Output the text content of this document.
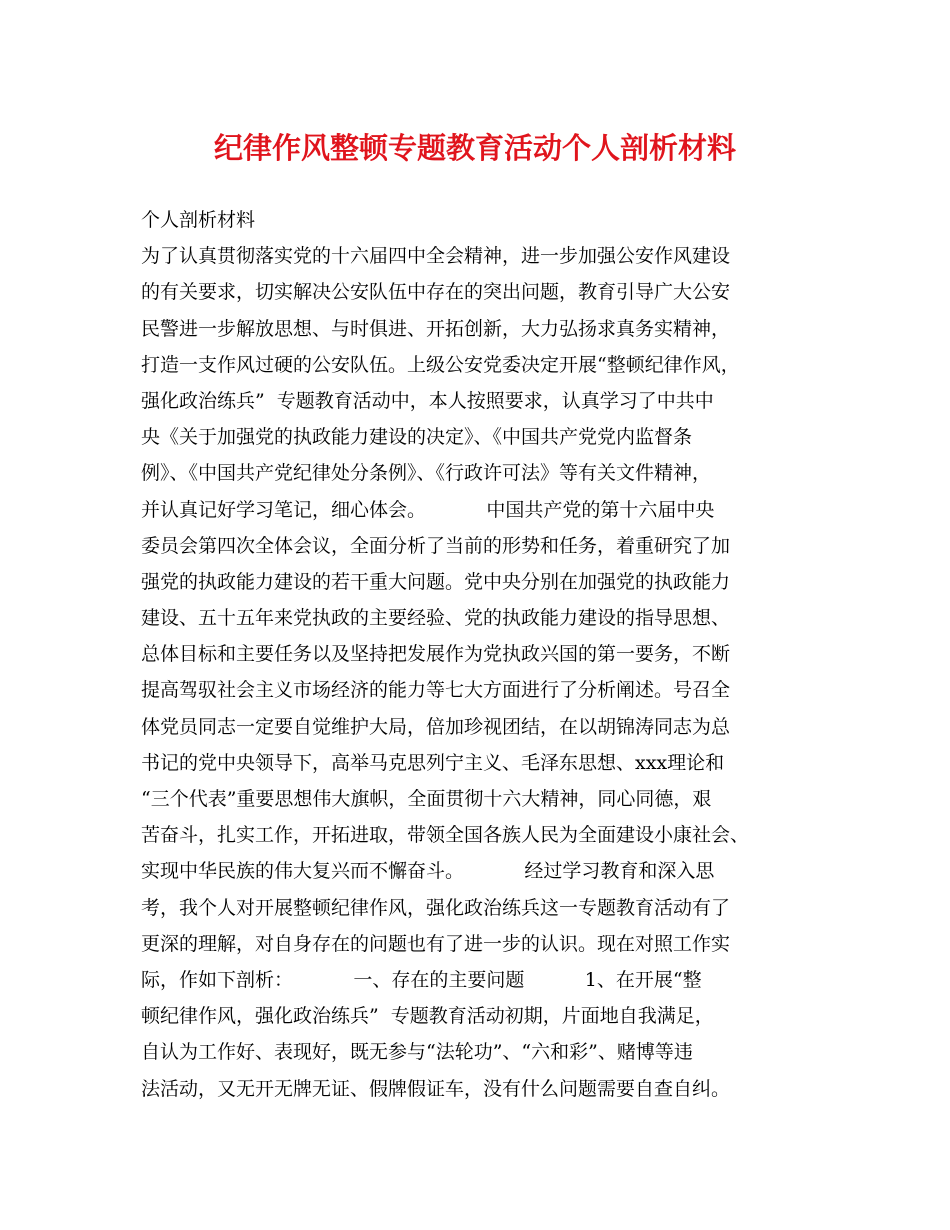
纪律作风整顿专题教育活动个人剖析材料
个人剖析材料
为了认真贯彻落实党的十六届四中全会精神，进一步加强公安作风建设
的有关要求，切实解决公安队伍中存在的突出问题，教育引导广大公安
民警进一步解放思想、与时俱进、开拓创新，大力弘扬求真务实精神，
打造一支作风过硬的公安队伍。上级公安党委决定开展“整顿纪律作风，
强化政治练兵”  专题教育活动中，本人按照要求，认真学习了中共中
央《关于加强党的执政能力建设的决定》、《中国共产党党内监督条
例》、《中国共产党纪律处分条例》、《行政许可法》等有关文件精神，
并认真记好学习笔记，细心体会。          中国共产党的第十六届中央
委员会第四次全体会议，全面分析了当前的形势和任务，着重研究了加
强党的执政能力建设的若干重大问题。党中央分别在加强党的执政能力
建设、五十五年来党执政的主要经验、党的执政能力建设的指导思想、
总体目标和主要任务以及坚持把发展作为党执政兴国的第一要务，不断
提高驾驭社会主义市场经济的能力等七大方面进行了分析阐述。号召全
体党员同志一定要自觉维护大局，倍加珍视团结，在以胡锦涛同志为总
书记的党中央领导下，高举马克思列宁主义、毛泽东思想、xxx理论和
“三个代表”重要思想伟大旗帜，全面贯彻十六大精神，同心同德，艰
苦奋斗，扎实工作，开拓进取，带领全国各族人民为全面建设小康社会、
实现中华民族的伟大复兴而不懈奋斗。          经过学习教育和深入思
考，我个人对开展整顿纪律作风，强化政治练兵这一专题教育活动有了
更深的理解，对自身存在的问题也有了进一步的认识。现在对照工作实
际，作如下剖析：          一、存在的主要问题          1、在开展“整
顿纪律作风，强化政治练兵”  专题教育活动初期，片面地自我满足，
自认为工作好、表现好，既无参与“法轮功”、“六和彩”、赌博等违
法活动，又无开无牌无证、假牌假证车，没有什么问题需要自查自纠。
